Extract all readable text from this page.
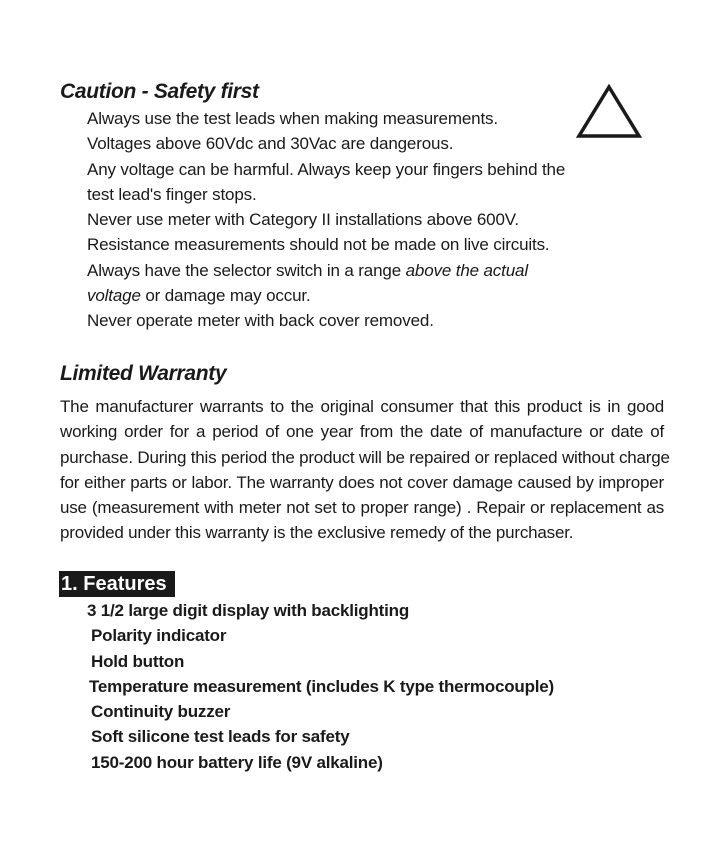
Caution - Safety first
Always use the test leads when making measurements.
Voltages above 60Vdc and 30Vac are dangerous.
Any voltage can be harmful. Always keep your fingers behind the
test lead's finger stops.
Never use meter with Category II installations above 600V.
Resistance measurements should not be made on live circuits.
Always have the selector switch in a range above the actual
voltage or damage may occur.
Never operate meter with back cover removed.
Limited Warranty

The manufacturer warrants to the original consumer that this product is in good
working order for a period of one year from the date of manufacture or date of
purchase. During this period the product will be repaired or replaced without charge
for either parts or labor. The warranty does not cover damage caused by improper
use (measurement with meter not set to proper range) . Repair or replacement as
provided under this warranty is the exclusive remedy of the purchaser.

1. Features
3 1/2 large digit display with backlighting
Polarity indicator
Hold button
Temperature measurement (includes K type thermocouple)
Continuity buzzer
Soft silicone test leads for safety
150-200 hour battery life (9V alkaline)
